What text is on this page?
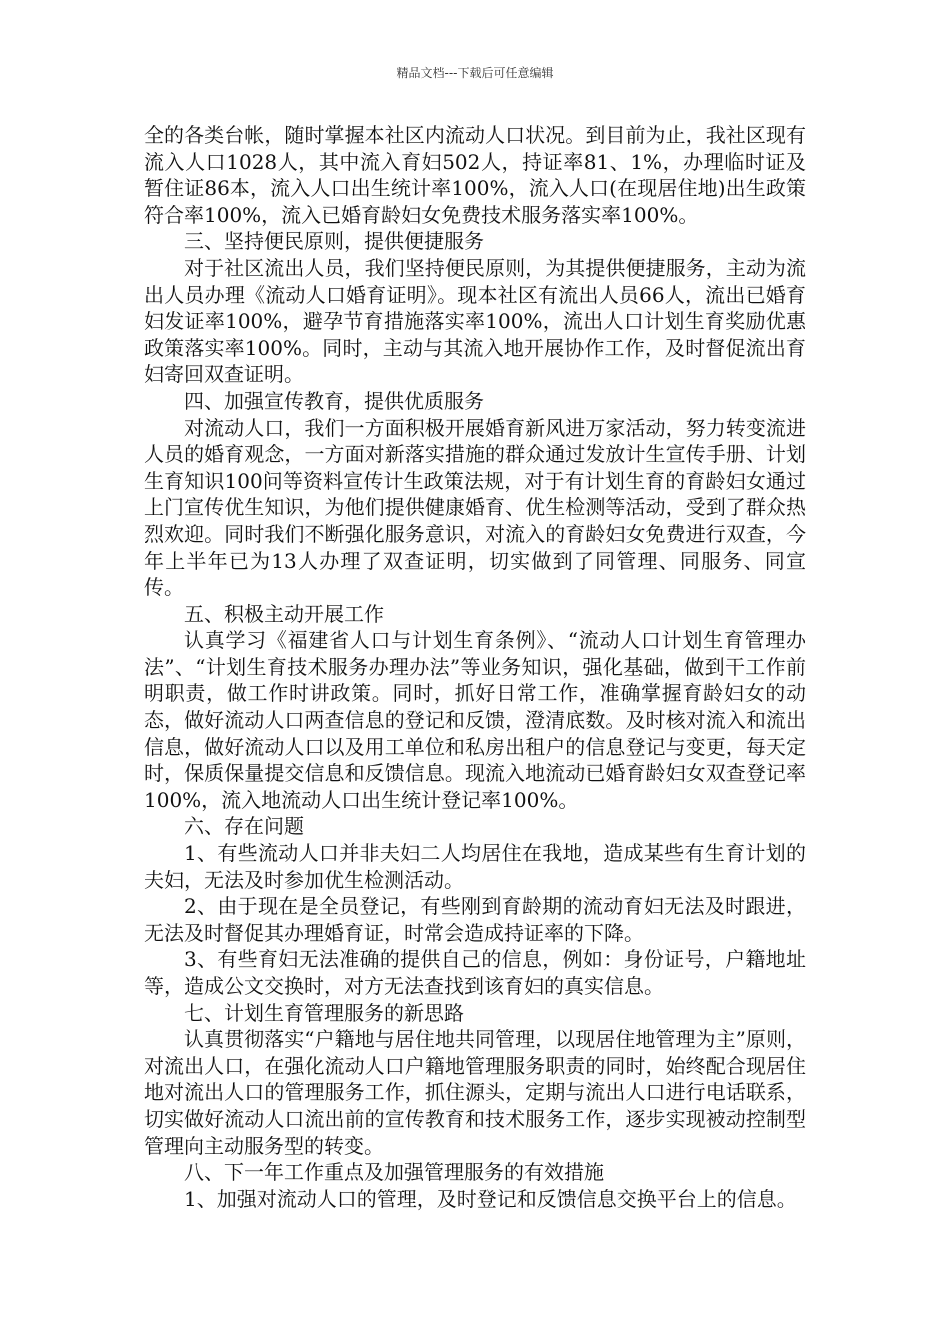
精品文档---下载后可任意编辑

全的各类台帐，随时掌握本社区内流动人口状况。到目前为止，我社区现有流入人口1028人，其中流入育妇502人，持证率81、1%，办理临时证及暂住证86本，流入人口出生统计率100%，流入人口(在现居住地)出生政策符合率100%，流入已婚育龄妇女免费技术服务落实率100%。

三、坚持便民原则，提供便捷服务

对于社区流出人员，我们坚持便民原则，为其提供便捷服务，主动为流出人员办理《流动人口婚育证明》。现本社区有流出人员66人，流出已婚育妇发证率100%，避孕节育措施落实率100%，流出人口计划生育奖励优惠政策落实率100%。同时，主动与其流入地开展协作工作，及时督促流出育妇寄回双查证明。

四、加强宣传教育，提供优质服务

对流动人口，我们一方面积极开展婚育新风进万家活动，努力转变流进人员的婚育观念，一方面对新落实措施的群众通过发放计生宣传手册、计划生育知识100问等资料宣传计生政策法规，对于有计划生育的育龄妇女通过上门宣传优生知识，为他们提供健康婚育、优生检测等活动，受到了群众热烈欢迎。同时我们不断强化服务意识，对流入的育龄妇女免费进行双查，今年上半年已为13人办理了双查证明，切实做到了同管理、同服务、同宣传。

五、积极主动开展工作

认真学习《福建省人口与计划生育条例》、“流动人口计划生育管理办法”、“计划生育技术服务办理办法”等业务知识，强化基础，做到干工作前明职责，做工作时讲政策。同时，抓好日常工作，准确掌握育龄妇女的动态，做好流动人口两查信息的登记和反馈，澄清底数。及时核对流入和流出信息，做好流动人口以及用工单位和私房出租户的信息登记与变更，每天定时，保质保量提交信息和反馈信息。现流入地流动已婚育龄妇女双查登记率100%，流入地流动人口出生统计登记率100%。

六、存在问题

1、有些流动人口并非夫妇二人均居住在我地，造成某些有生育计划的夫妇，无法及时参加优生检测活动。

2、由于现在是全员登记，有些刚到育龄期的流动育妇无法及时跟进，无法及时督促其办理婚育证，时常会造成持证率的下降。

3、有些育妇无法准确的提供自己的信息，例如：身份证号，户籍地址等，造成公文交换时，对方无法查找到该育妇的真实信息。

七、计划生育管理服务的新思路

认真贯彻落实“户籍地与居住地共同管理，以现居住地管理为主”原则，对流出人口，在强化流动人口户籍地管理服务职责的同时，始终配合现居住地对流出人口的管理服务工作，抓住源头，定期与流出人口进行电话联系，切实做好流动人口流出前的宣传教育和技术服务工作，逐步实现被动控制型管理向主动服务型的转变。

八、下一年工作重点及加强管理服务的有效措施

1、加强对流动人口的管理，及时登记和反馈信息交换平台上的信息。
